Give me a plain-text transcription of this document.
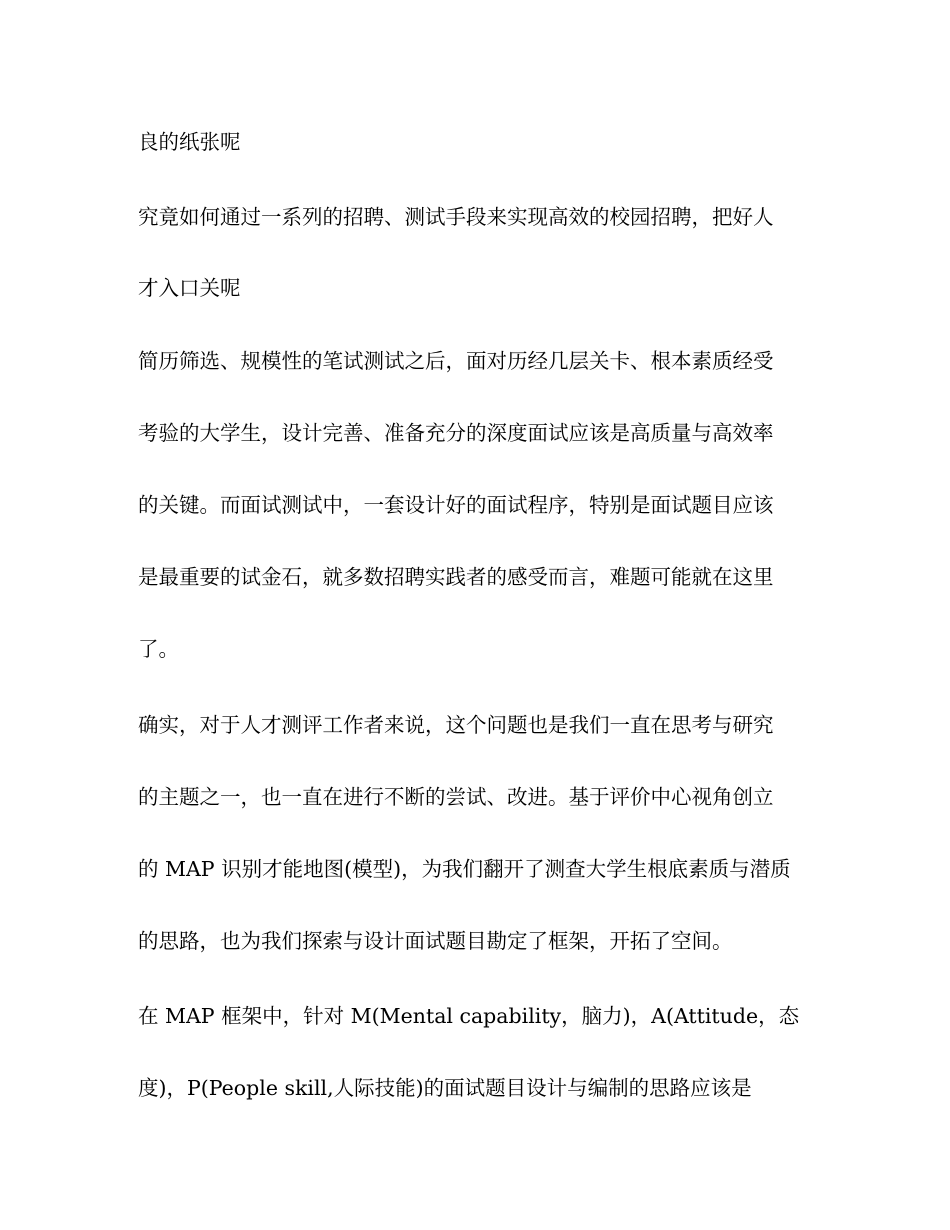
良的纸张呢
究竟如何通过一系列的招聘、测试手段来实现高效的校园招聘，把好人
才入口关呢
简历筛选、规模性的笔试测试之后，面对历经几层关卡、根本素质经受
考验的大学生，设计完善、准备充分的深度面试应该是高质量与高效率
的关键。而面试测试中，一套设计好的面试程序，特别是面试题目应该
是最重要的试金石，就多数招聘实践者的感受而言，难题可能就在这里
了。
确实，对于人才测评工作者来说，这个问题也是我们一直在思考与研究
的主题之一，也一直在进行不断的尝试、改进。基于评价中心视角创立
的 MAP 识别才能地图(模型)，为我们翻开了测查大学生根底素质与潜质
的思路，也为我们探索与设计面试题目勘定了框架，开拓了空间。
在 MAP 框架中，针对 M(Mental capability，脑力)，A(Attitude，态
度)，P(People skill,人际技能)的面试题目设计与编制的思路应该是
